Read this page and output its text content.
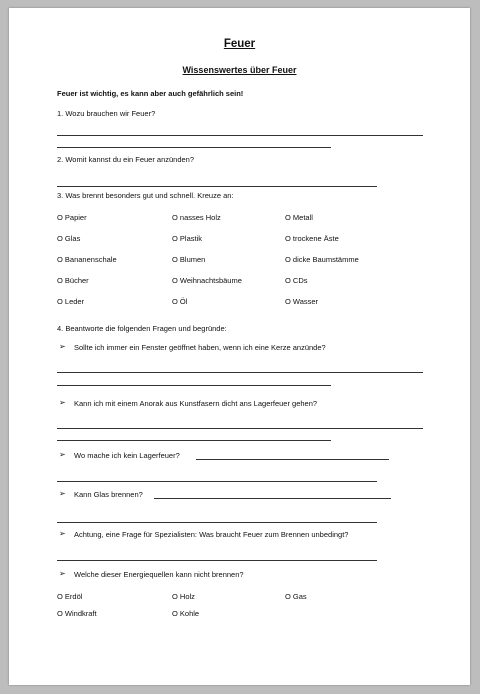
Feuer
Wissenswertes über Feuer
Feuer ist wichtig, es kann aber auch gefährlich sein!
1. Wozu brauchen wir Feuer?
2. Womit kannst du ein Feuer anzünden?
3. Was brennt besonders gut und schnell. Kreuze an:
O Papier	O nasses Holz	O Metall
O Glas	O Plastik	O trockene Äste
O Bananenschale	O Blumen	O dicke Baumstämme
O Bücher	O Weihnachtsbäume	O CDs
O Leder	O Öl	O Wasser
4. Beantworte die folgenden Fragen und begründe:
➢ Sollte ich immer ein Fenster geöffnet haben, wenn ich eine Kerze anzünde?
➢ Kann ich mit einem Anorak aus Kunstfasern dicht ans Lagerfeuer gehen?
➢ Wo mache ich kein Lagerfeuer?
➢ Kann Glas brennen?
➢ Achtung, eine Frage für Spezialisten: Was braucht Feuer zum Brennen unbedingt?
➢ Welche dieser Energiequellen kann nicht brennen?
O Erdöl	O Holz	O Gas
O Windkraft	O Kohle
